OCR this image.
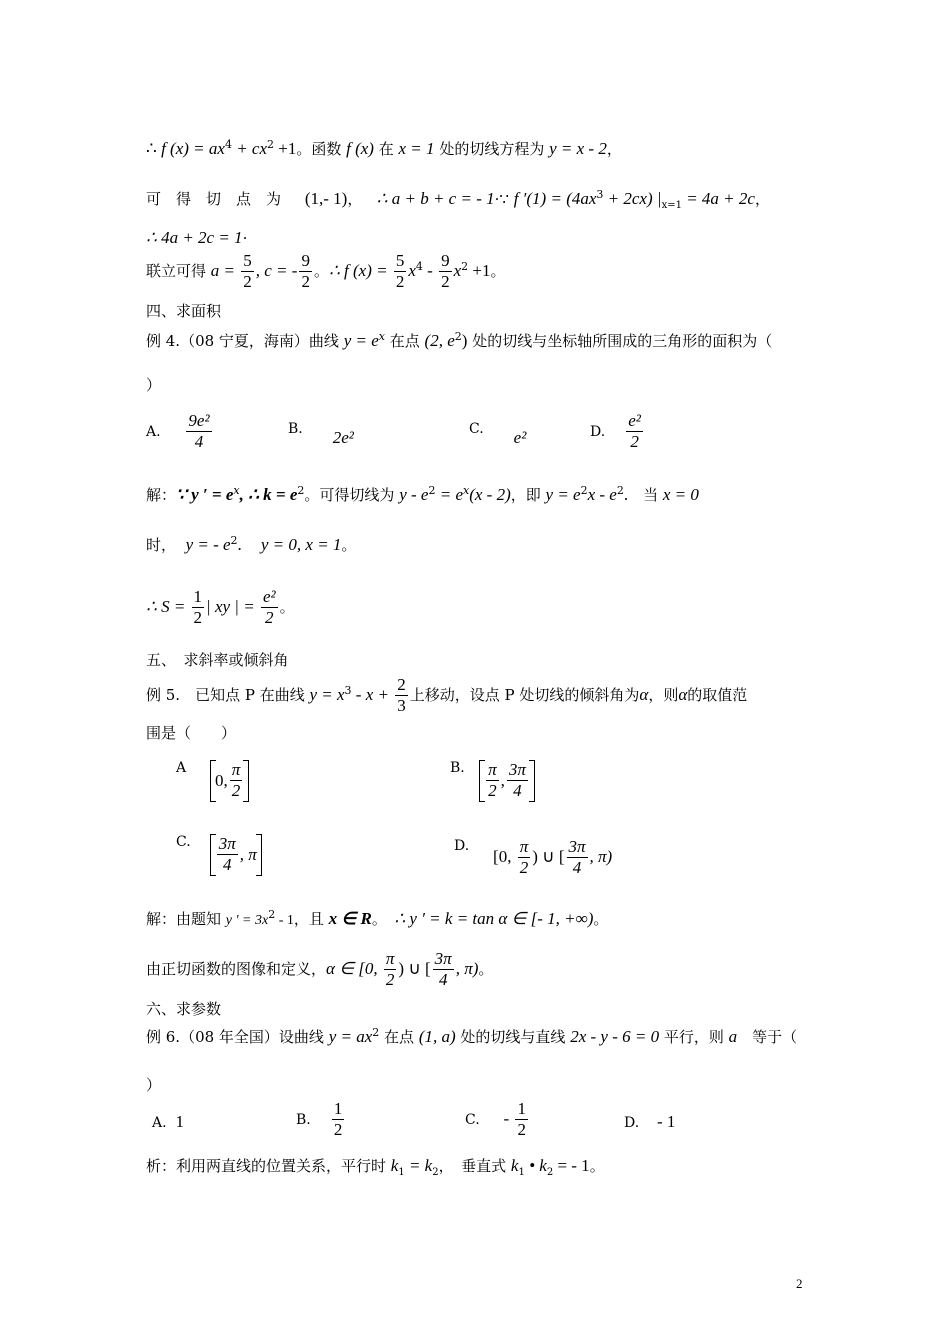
∴ f $(x) = ax^4 + cx^2 +1$。函数 f (x) 在 x = 1 处的切线方程为 y = x - 2，
可　得　切　点　为 (1,- 1)， ∴ a + b + c = - 1·∵ f $'(1) = (4ax^3 + 2cx) |_{x=1} = 4a + 2c$，
∴ 4a + 2c = 1·
联立可得 $a = \frac{5}{2}$ , c = - $\frac{9}{2}$ 。∴ f $(x) = \frac{5}{2} x^4 - \frac{9}{2} x^2 +1$。
四、求面积
例 4.（08 宁夏，海南）曲线 $y = e^x$ 在点 (2, $e^2$) 处的切线与坐标轴所围成的三角形的面积为（
）
A. $\frac{\text{9e²}}{4}$	B. 2e²	C. e²	D. $\frac{\text{e²}}{2}$
解：∵ y ′ = $e^x$, ∴ $k = e^2$。可得切线为 $y - e^2 = e^x(x - 2)$，即 $y = e^2x - e^2$.　当 x = 0
时， y = - $e^2$. y = 0, x = 1。
∴ $S = \frac{1}{2}$ | xy | = $\frac{\text{e²}}{2}$ 。
五、　求斜率或倾斜角
例 5.　已知点 P 在曲线 $y = x^3 - x + \frac{2}{3}$ 上移动，设点 P 处切线的倾斜角为α，则α的取值范
围是（　　）
A
0, $\frac{\pi}{2}$	B. $\frac{\pi}{2}$ , $\frac{3\pi}{4}$
C. $\frac{3\pi}{4}$ , π	D.     [0, $\frac{\pi}{2}$ ) ∪ [ $\frac{3\pi}{4}$ , π)
解：由题知 y ′ = $3x^2 - 1$，且 x ∈ R。　∴ y ′ = k = tan α ∈ [- 1, +∞)。
由正切函数的图像和定义，α ∈ [0, $\frac{\pi}{2}$ ) ∪ [ $\frac{3\pi}{4}$ , π)。
六、求参数
例 6.（08 年全国）设曲线 $y = ax^2$ 在点 (1, a) 处的切线与直线 2x - y - 6 = 0 平行，则 a　等于（
）
A. 1	B. $\frac{1}{2}$	C. - $\frac{1}{2}$	D. - 1
析：利用两直线的位置关系，平行时 $k_1 = k_2$，　垂直式 $k_1$ • $k_2$ = - 1。
2
